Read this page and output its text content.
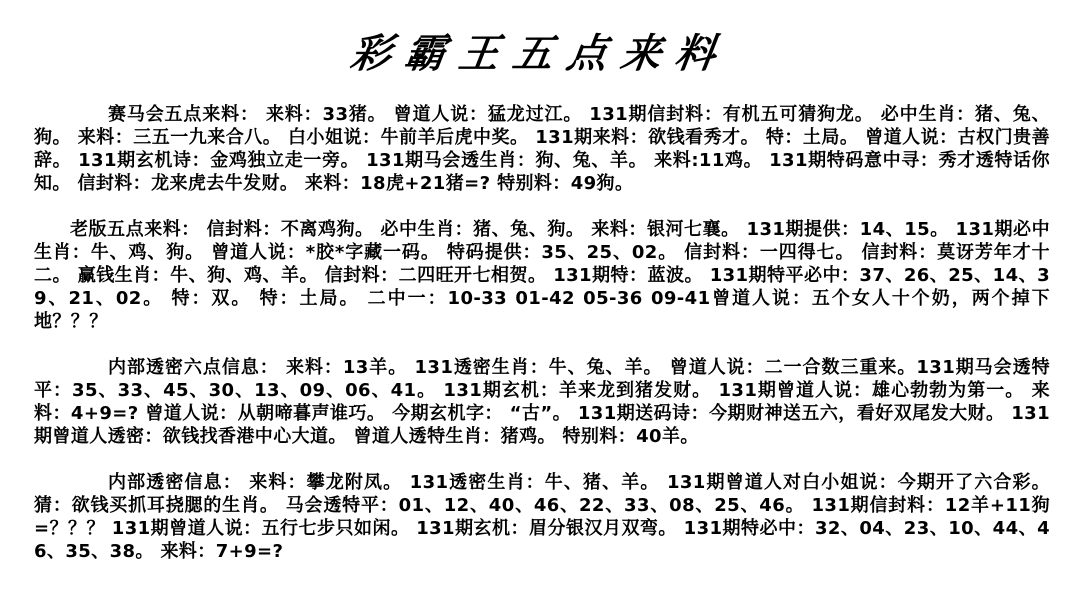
彩霸王五点来料

赛马会五点来料： 来料：33猪。 曾道人说：猛龙过江。 131期信封料：有机五可猜狗龙。 必中生肖：猪、兔、狗。 来料：三五一九来合八。 白小姐说：牛前羊后虎中奖。 131期来料：欲钱看秀才。 特：土局。 曾道人说：古权门贵善辞。 131期玄机诗：金鸡独立走一旁。 131期马会透生肖：狗、兔、羊。 来料:11鸡。 131期特码意中寻：秀才透特话你知。 信封料：龙来虎去牛发财。 来料：18虎+21猪=? 特别料：49狗。

老版五点来料： 信封料：不离鸡狗。 必中生肖：猪、兔、狗。 来料：银河七襄。 131期提供：14、15。 131期必中生肖：牛、鸡、狗。 曾道人说：*胶*字藏一码。 特码提供：35、25、02。 信封料：一四得七。 信封料：莫讶芳年才十二。 赢钱生肖：牛、狗、鸡、羊。 信封料：二四旺开七相贺。 131期特：蓝波。 131期特平必中：37、26、25、14、39、21、02。 特：双。 特：土局。 二中一：10-33 01-42 05-36 09-41曾道人说：五个女人十个奶，两个掉下地？？？

内部透密六点信息： 来料：13羊。 131透密生肖：牛、兔、羊。 曾道人说：二一合数三重来。131期马会透特平：35、33、45、30、13、09、06、41。 131期玄机：羊来龙到猪发财。 131期曾道人说：雄心勃勃为第一。 来料：4+9=? 曾道人说：从朝啼暮声谁巧。 今期玄机字： “古”。 131期送码诗：今期财神送五六，看好双尾发大财。 131期曾道人透密：欲钱找香港中心大道。 曾道人透特生肖：猪鸡。 特别料：40羊。

内部透密信息： 来料：攀龙附凤。 131透密生肖：牛、猪、羊。 131期曾道人对白小姐说：今期开了六合彩。 猜：欲钱买抓耳挠腮的生肖。 马会透特平：01、12、40、46、22、33、08、25、46。 131期信封料：12羊+11狗=？？？ 131期曾道人说：五行七步只如闲。 131期玄机：眉分银汉月双弯。 131期特必中：32、04、23、10、44、46、35、38。 来料：7+9=?
